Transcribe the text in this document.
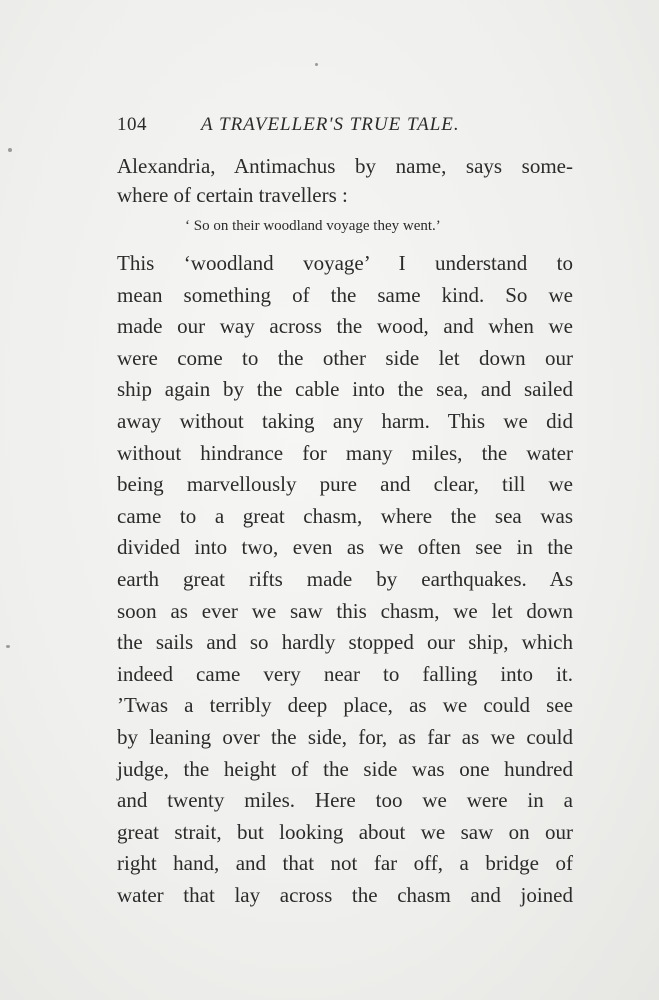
104	A TRAVELLER'S TRUE TALE.
Alexandria, Antimachus by name, says some-
where of certain travellers :
‘ So on their woodland voyage they went.’
This ‘woodland voyage’ I understand to
mean something of the same kind. So we
made our way across the wood, and when we
were come to the other side let down our
ship again by the cable into the sea, and sailed
away without taking any harm. This we did
without hindrance for many miles, the water
being marvellously pure and clear, till we
came to a great chasm, where the sea was
divided into two, even as we often see in the
earth great rifts made by earthquakes. As
soon as ever we saw this chasm, we let down
the sails and so hardly stopped our ship, which
indeed came very near to falling into it.
’Twas a terribly deep place, as we could see
by leaning over the side, for, as far as we could
judge, the height of the side was one hundred
and twenty miles. Here too we were in a
great strait, but looking about we saw on our
right hand, and that not far off, a bridge of
water that lay across the chasm and joined
